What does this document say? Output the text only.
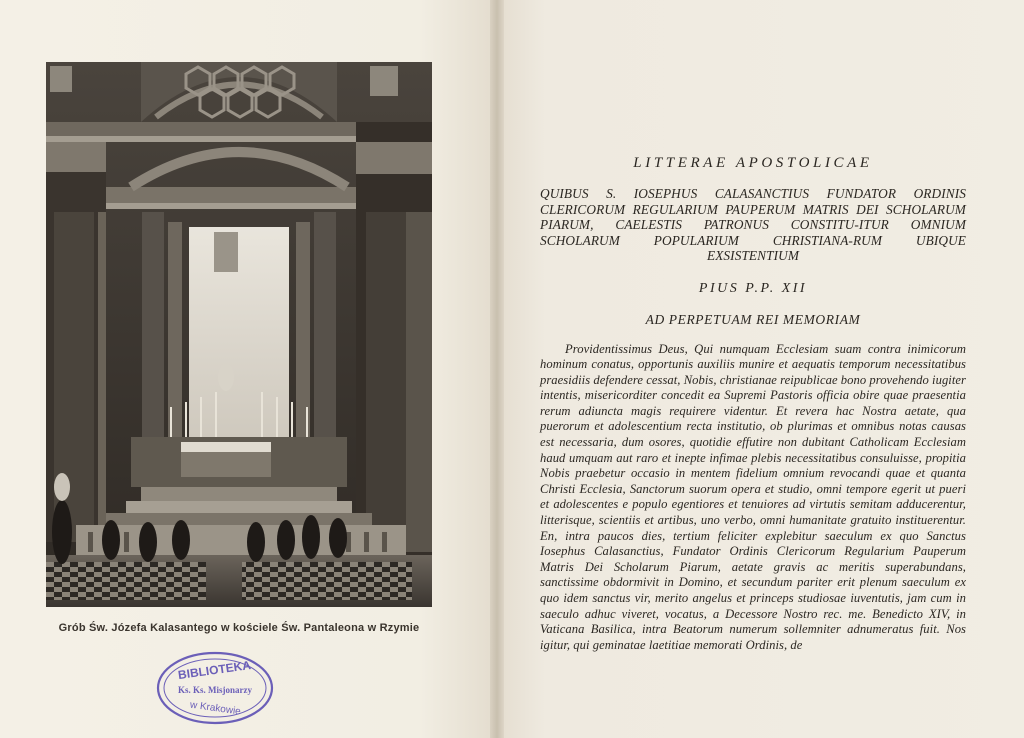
Grób Św. Józefa Kalasantego w kościele Św. Pantaleona w Rzymie
BIBLIOTEKA
Ks. Ks. Misjonarzy
w Krakowie
LITTERAE APOSTOLICAE

QUIBUS S. IOSEPHUS CALASANCTIUS FUNDATOR ORDINIS CLERICORUM REGULARIUM PAUPERUM MATRIS DEI SCHOLARUM PIARUM, CAELESTIS PATRONUS CONSTITU-ITUR OMNIUM SCHOLARUM POPULARIUM CHRISTIANA-RUM UBIQUE EXSISTENTIUM

PIUS P.P. XII

AD PERPETUAM REI MEMORIAM

Providentissimus Deus, Qui numquam Ecclesiam suam contra inimicorum hominum conatus, opportunis auxiliis munire et aequatis temporum necessitatibus praesidiis defendere cessat, Nobis, christianae reipublicae bono provehendo iugiter intentis, misericorditer concedit ea Supremi Pastoris officia obire quae praesentia rerum adiuncta magis requirere videntur. Et revera hac Nostra aetate, qua puerorum et adolescentium recta institutio, ob plurimas et omnibus notas causas est necessaria, dum osores, quotidie effutire non dubitant Catholicam Ecclesiam haud umquam aut raro et inepte infimae plebis necessitatibus consuluisse, propitia Nobis praebetur occasio in mentem fidelium omnium revocandi quae et quanta Christi Ecclesia, Sanctorum suorum opera et studio, omni tempore egerit ut pueri et adolescentes e populo egentiores et tenuiores ad virtutis semitam adducerentur, litterisque, scientiis et artibus, uno verbo, omni humanitate gratuito instituerentur. En, intra paucos dies, tertium feliciter explebitur saeculum ex quo Sanctus Iosephus Calasanctius, Fundator Ordinis Clericorum Regularium Pauperum Matris Dei Scholarum Piarum, aetate gravis ac meritis superabundans, sanctissime obdormivit in Domino, et secundum pariter erit plenum saeculum ex quo idem sanctus vir, merito angelus et princeps studiosae iuventutis, jam cum in saeculo adhuc viveret, vocatus, a Decessore Nostro rec. me. Benedicto XIV, in Vaticana Basilica, intra Beatorum numerum sollemniter adnumeratus fuit. Nos igitur, qui geminatae laetitiae memorati Ordinis, de
